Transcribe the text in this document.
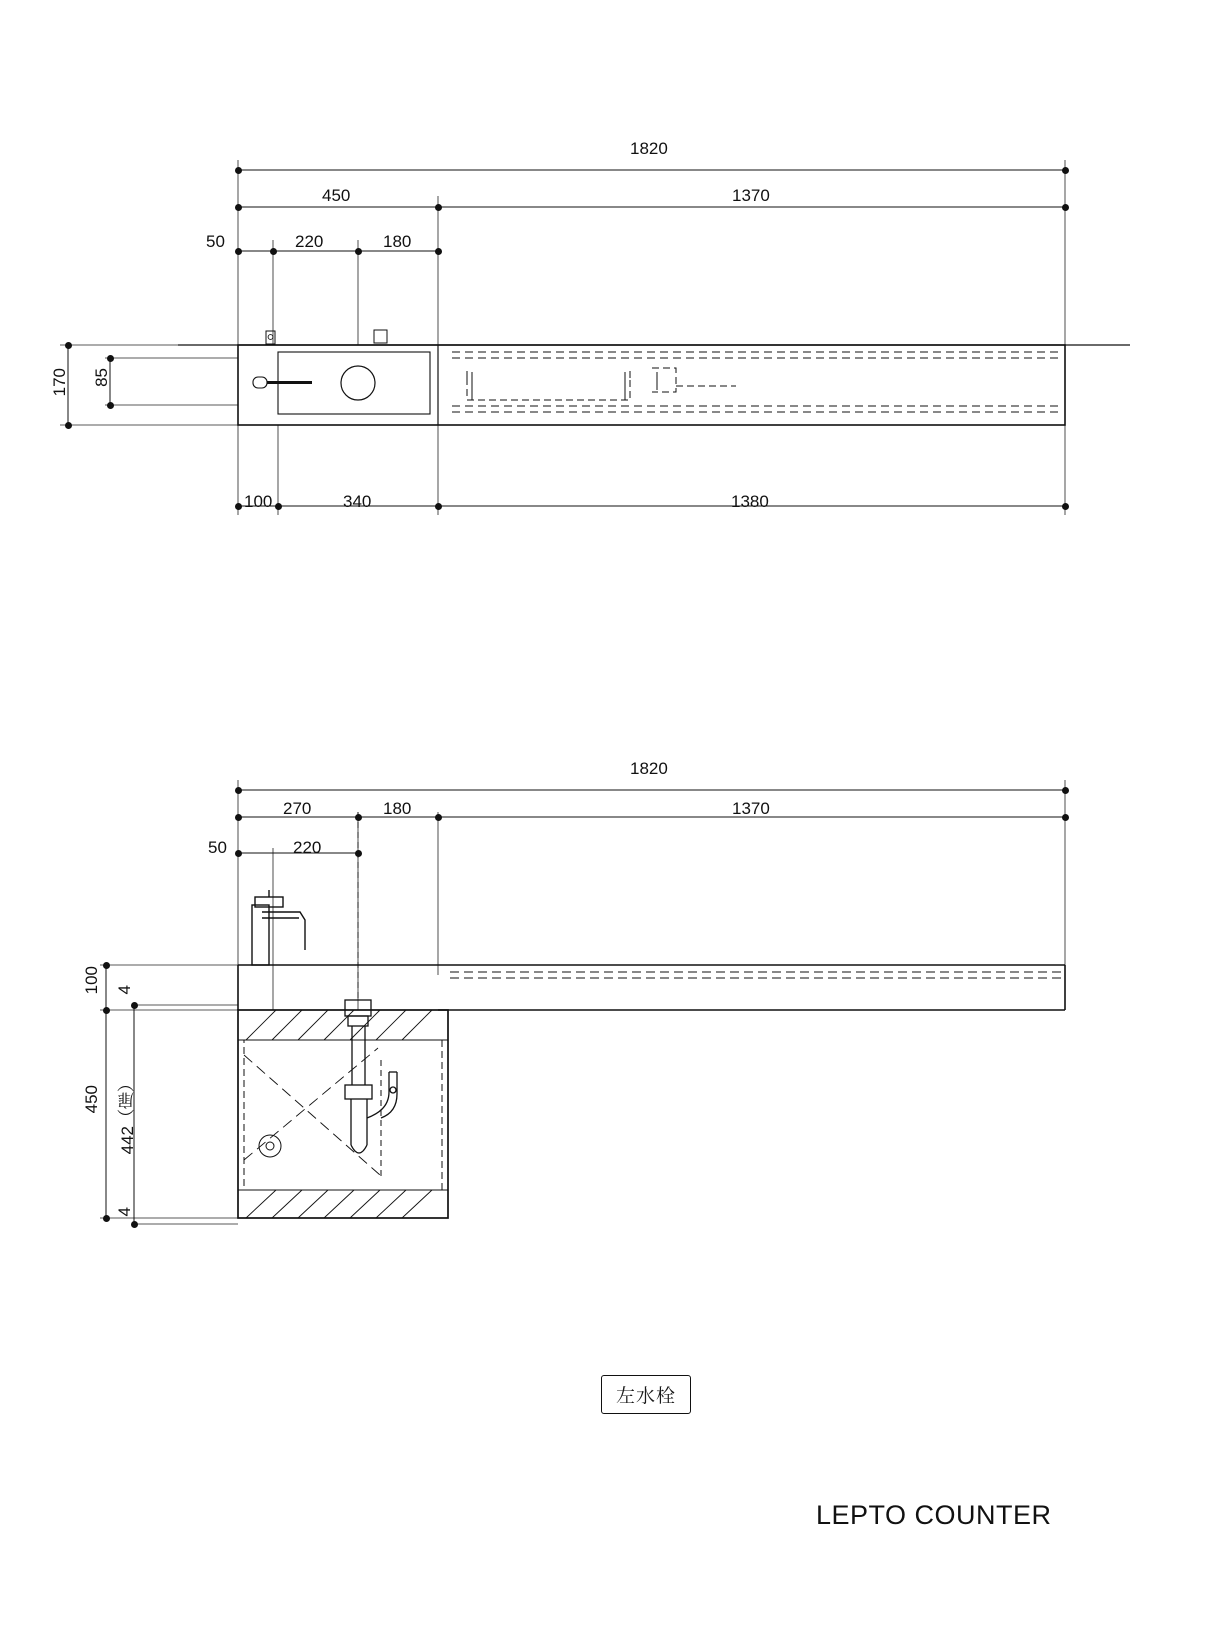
1820
450	1370
50	220	180
100	340	1380
170 85
1820
270	180	1370
50	220
100 4
450 442（扉）
4
左水栓
LEPTO COUNTER
